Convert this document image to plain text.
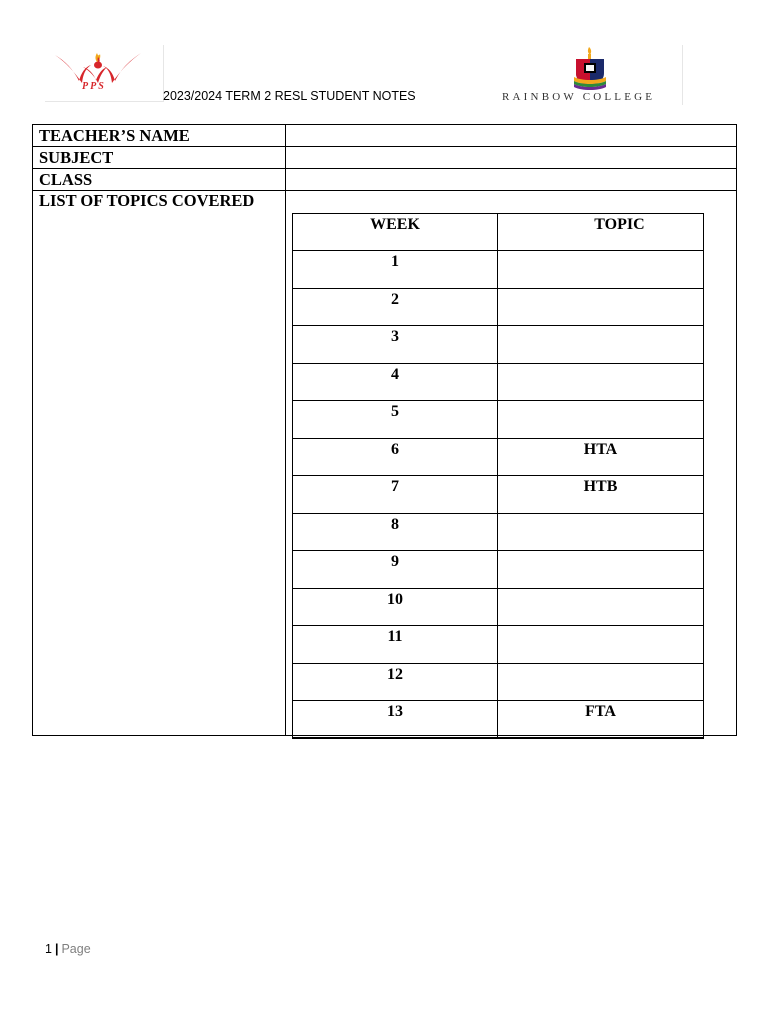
PPS
2023/2024 TERM 2 RESL STUDENT NOTES	RAINBOW COLLEGE
TEACHER’S NAME
SUBJECT
CLASS
LIST OF TOPICS COVERED
WEEK	TOPIC
1	
2	
3	
4	
5	
6	HTA
7	HTB
8	
9	
10	
11	
12	
13	FTA
1 | Page
